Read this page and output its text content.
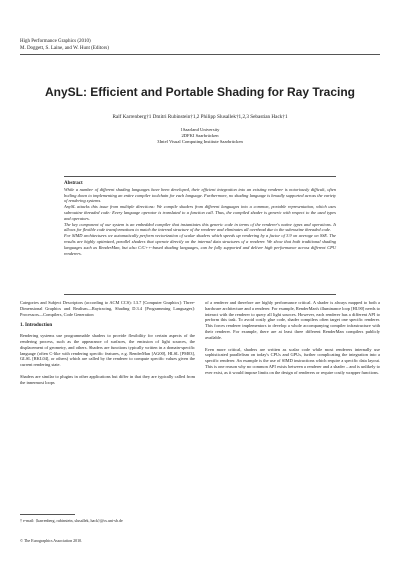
High Performance Graphics (2010)
M. Doggett, S. Laine, and W. Hunt (Editors)
AnySL: Efficient and Portable Shading for Ray Tracing
Ralf Karrenberg†1 Dmitri Rubinstein†1,2 Philipp Slusallek†1,2,3 Sebastian Hack†1
1Saarland University
2DFKI Saarbrücken
3Intel Visual Computing Institute Saarbrücken
Abstract

While a number of different shading languages have been developed, their efficient integration into an existing renderer is notoriously difficult, often boiling down to implementing an entire compiler toolchain for each language. Furthermore, no shading language is broadly supported across the variety of rendering systems.

AnySL attacks this issue from multiple directions: We compile shaders from different languages into a common, portable representation, which uses subroutine threaded code: Every language operator is translated to a function call. Thus, the compiled shader is generic with respect to the used types and operators.

The key component of our system is an embedded compiler that instantiates this generic code in terms of the renderer's native types and operations. It allows for flexible code transformations to match the internal structure of the renderer and eliminates all overhead due to the subroutine threaded code.

For SIMD architectures we automatically perform vectorization of scalar shaders which speeds up rendering by a factor of 3.9 on average on SSE. The results are highly optimized, parallel shaders that operate directly on the internal data structures of a renderer. We show that both traditional shading languages such as RenderMan, but also C/C++-based shading languages, can be fully supported and deliver high performance across different CPU renderers.

Categories and Subject Descriptors (according to ACM CCS): I.3.7 [Computer Graphics]: Three-Dimensional Graphics and Realism—Raytracing, Shading D.3.4 [Programming Languages]: Processors—Compilers, Code Generation

1. Introduction

Rendering systems use programmable shaders to provide flexibility for certain aspects of the rendering process, such as the appearance of surfaces, the emission of light sources, the displacement of geometry, and others. Shaders are functions typically written in a domain-specific language (often C-like with rendering specific features, e.g. RenderMan [AG00], HLSL [PM03], GLSL [RKL04], or others) which are called by the renderer to compute specific values given the current rendering state.

Shaders are similar to plugins in other applications but differ in that they are typically called from the innermost loops

† e-mail: {karrenberg, rubinstein, slusallek, hack}@cs.uni-sb.de
© The Eurographics Association 2010.

of a renderer and therefore are highly performance critical. A shader is always mapped to both a hardware architecture and a renderer. For example, RenderMan's illuminance loop [HL90] needs to interact with the renderer to query all light sources. However, each renderer has a different API to perform this task. To avoid costly glue code, shader compilers often target one specific renderer. This forces renderer implementors to develop a whole accompanying compiler infrastructure with their renderer. For example, there are at least three different RenderMan compilers publicly available.

Even more critical, shaders are written as scalar code while most renderers internally use sophisticated parallelism on today's CPUs and GPUs, further complicating the integration into a specific renderer. An example is the use of SIMD instructions which require a specific data layout. This is one reason why no common API exists between a renderer and a shader – and is unlikely to ever exist, as it would impose limits on the design of renderers or require costly wrapper functions.
